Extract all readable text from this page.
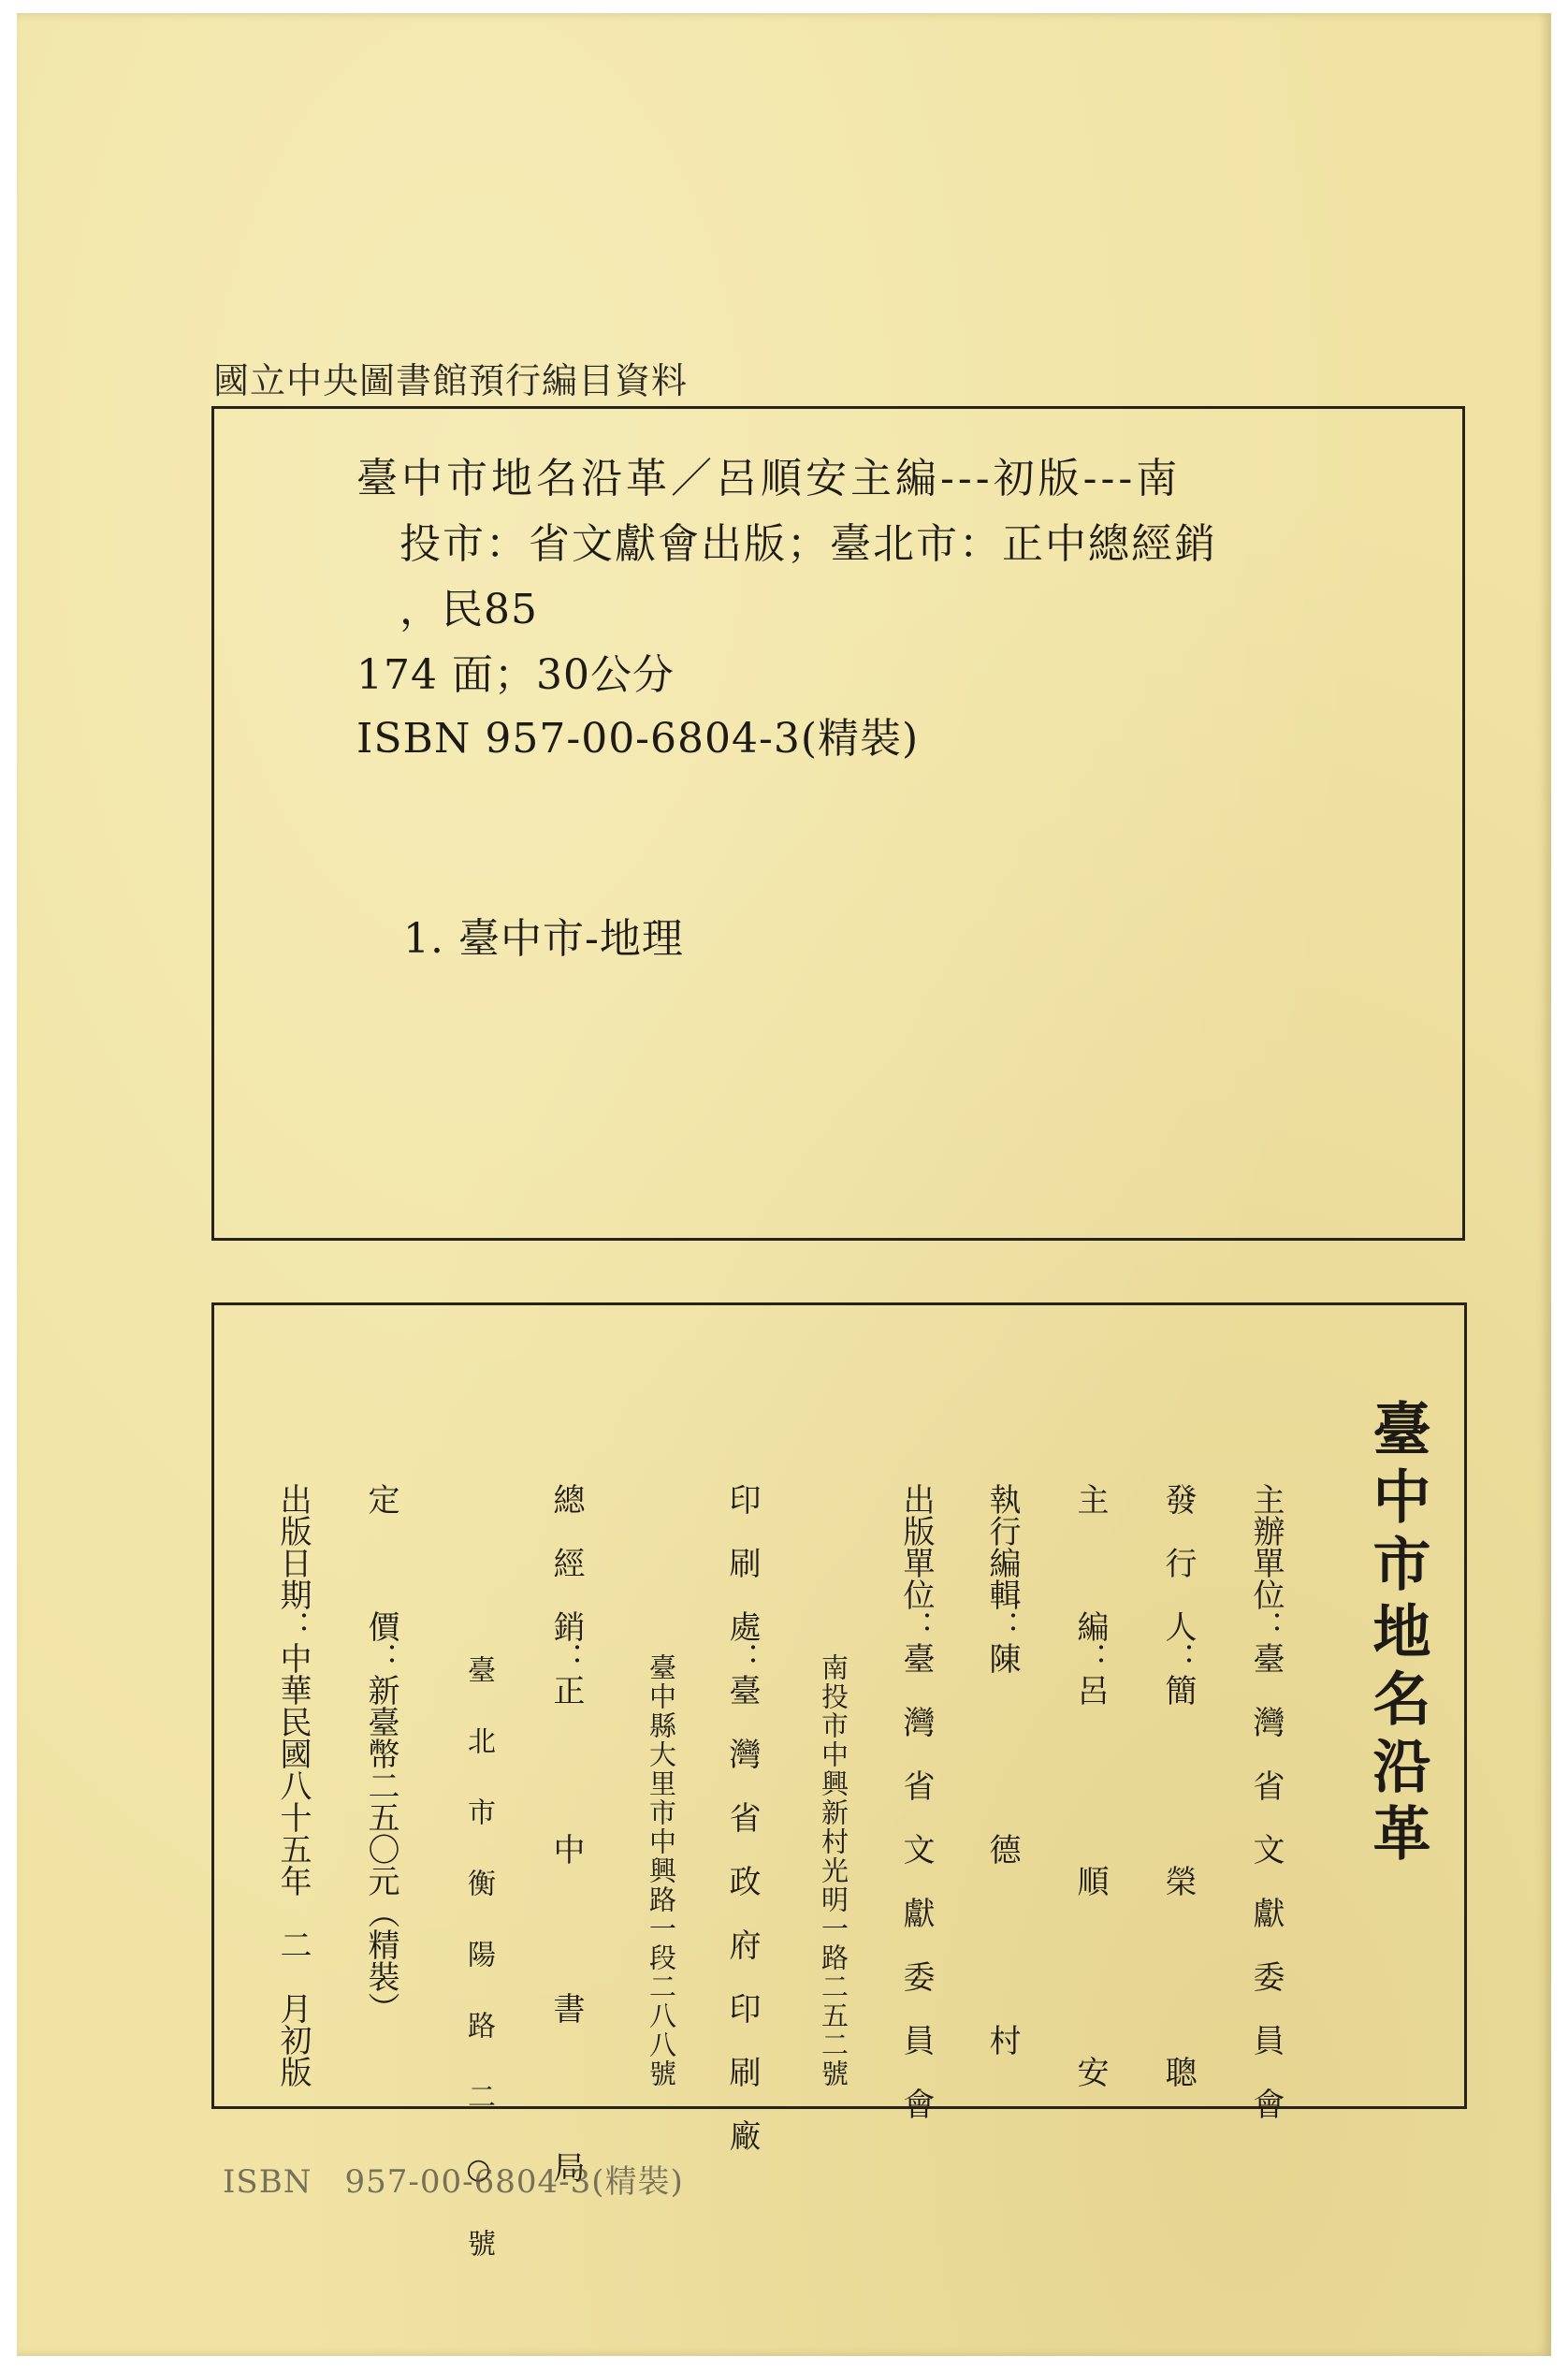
國立中央圖書館預行編目資料
臺中市地名沿革／呂順安主編---初版---南
投市：省文獻會出版；臺北市：正中總經銷
，民85
174 面；30公分
ISBN 957-00-6804-3(精裝)
1. 臺中市-地理
臺中市地名沿革
主辦單位：臺　灣　省　文　獻　委　員　會
發　行　人：簡　　　　　榮　　　　　聰
主　　　編：呂　　　　　順　　　　　安
執行編輯：陳　　　　　德　　　　　村
出版單位：臺　灣　省　文　獻　委　員　會
南投市中興新村光明一路二五二號
印　刷　處：臺　灣　省　政　府　印　刷　廠
臺中縣大里市中興路一段二八八號
總　經　銷：正　　　　中　　　　書　　　　局
臺　北　市　衡　陽　路　二　○　號
定　　　價：新臺幣二五〇元（精裝）
出版日期：中華民國八十五年　二　月初版
ISBN　957-00-6804-3(精裝)
